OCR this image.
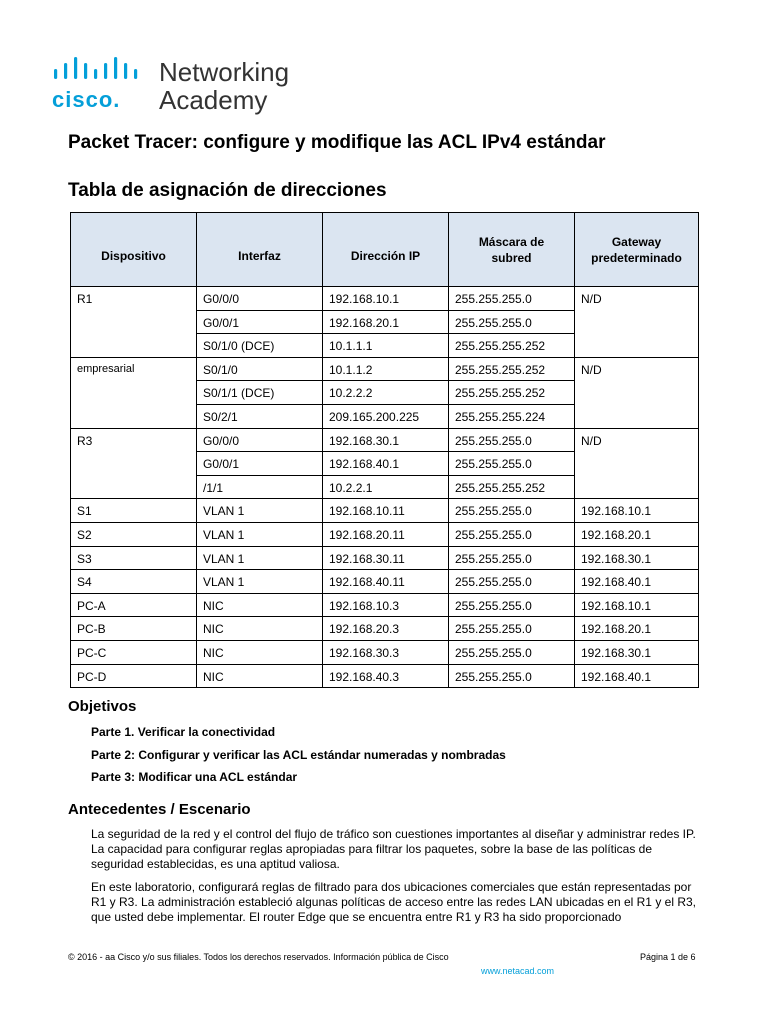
cisco.
Networking
Academy
Packet Tracer: configure y modifique las ACL IPv4 estándar
Tabla de asignación de direcciones
Dispositivo	Interfaz	Dirección IP	Máscara de subred	Gateway predeterminado
R1	G0/0/0	192.168.10.1	255.255.255.0	N/D
	G0/0/1	192.168.20.1	255.255.255.0	
	S0/1/0 (DCE)	10.1.1.1	255.255.255.252	
empresarial	S0/1/0	10.1.1.2	255.255.255.252	N/D
	S0/1/1 (DCE)	10.2.2.2	255.255.255.252	
	S0/2/1	209.165.200.225	255.255.255.224	
R3	G0/0/0	192.168.30.1	255.255.255.0	N/D
	G0/0/1	192.168.40.1	255.255.255.0	
	/1/1	10.2.2.1	255.255.255.252	
S1	VLAN 1	192.168.10.11	255.255.255.0	192.168.10.1
S2	VLAN 1	192.168.20.11	255.255.255.0	192.168.20.1
S3	VLAN 1	192.168.30.11	255.255.255.0	192.168.30.1
S4	VLAN 1	192.168.40.11	255.255.255.0	192.168.40.1
PC-A	NIC	192.168.10.3	255.255.255.0	192.168.10.1
PC-B	NIC	192.168.20.3	255.255.255.0	192.168.20.1
PC-C	NIC	192.168.30.3	255.255.255.0	192.168.30.1
PC-D	NIC	192.168.40.3	255.255.255.0	192.168.40.1
Objetivos
Parte 1. Verificar la conectividad
Parte 2: Configurar y verificar las ACL estándar numeradas y nombradas
Parte 3: Modificar una ACL estándar
Antecedentes / Escenario

La seguridad de la red y el control del flujo de tráfico son cuestiones importantes al diseñar y administrar redes IP. La capacidad para configurar reglas apropiadas para filtrar los paquetes, sobre la base de las políticas de seguridad establecidas, es una aptitud valiosa.

En este laboratorio, configurará reglas de filtrado para dos ubicaciones comerciales que están representadas por R1 y R3. La administración estableció algunas políticas de acceso entre las redes LAN ubicadas en el R1 y el R3, que usted debe implementar. El router Edge que se encuentra entre R1 y R3 ha sido proporcionado

© 2016 - aa Cisco y/o sus filiales. Todos los derechos reservados. Información pública de Cisco	Página 1 de 6
www.netacad.com
